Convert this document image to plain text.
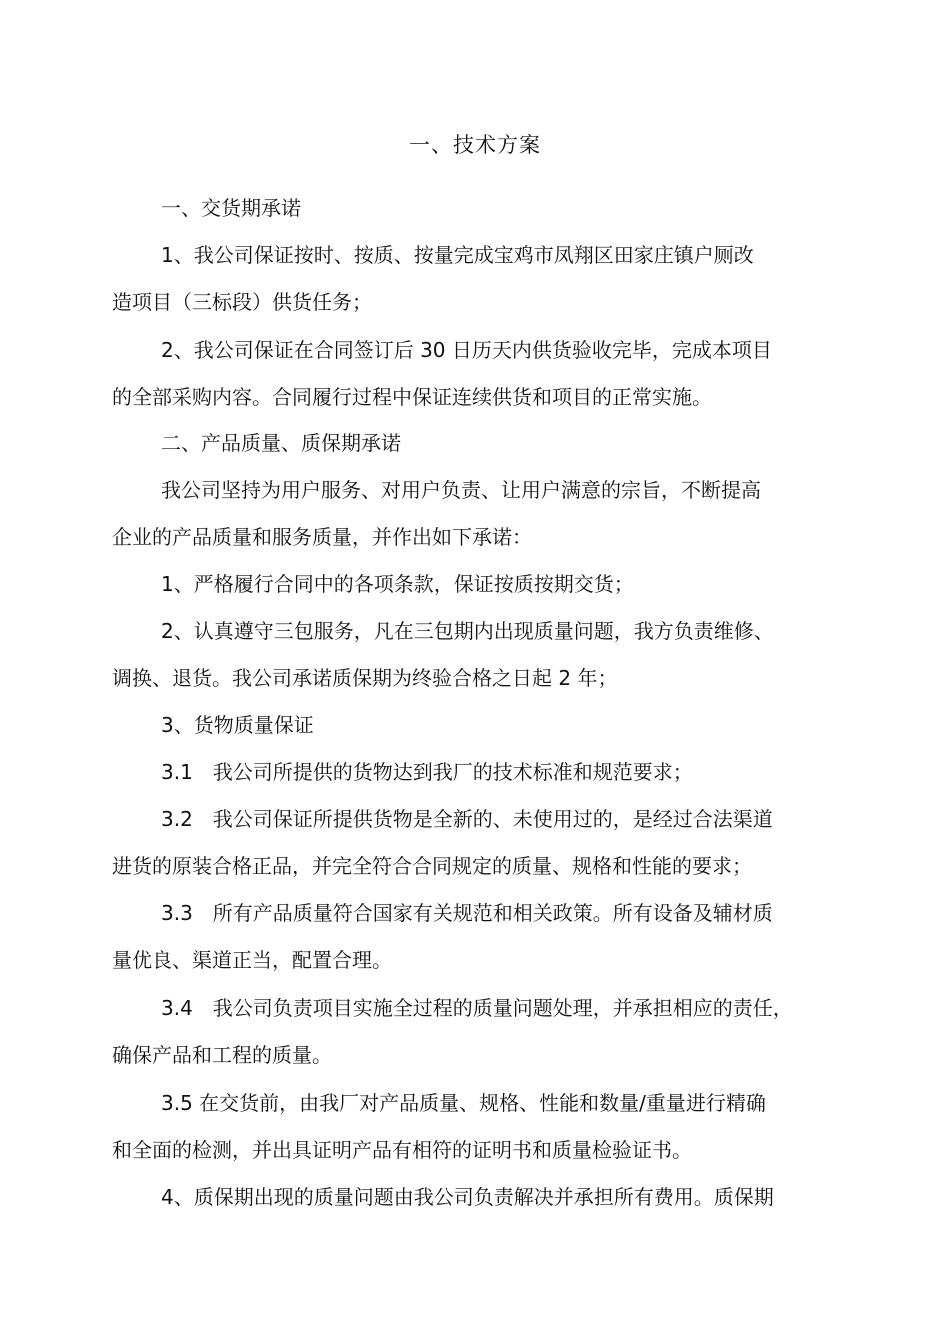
一、技术方案
一、交货期承诺
1、我公司保证按时、按质、按量完成宝鸡市凤翔区田家庄镇户厕改
造项目（三标段）供货任务；
2、我公司保证在合同签订后 30 日历天内供货验收完毕，完成本项目
的全部采购内容。合同履行过程中保证连续供货和项目的正常实施。
二、产品质量、质保期承诺
我公司坚持为用户服务、对用户负责、让用户满意的宗旨，不断提高
企业的产品质量和服务质量，并作出如下承诺：
1、严格履行合同中的各项条款，保证按质按期交货；
2、认真遵守三包服务，凡在三包期内出现质量问题，我方负责维修、
调换、退货。我公司承诺质保期为终验合格之日起 2 年；
3、货物质量保证
3.1　我公司所提供的货物达到我厂的技术标准和规范要求；
3.2　我公司保证所提供货物是全新的、未使用过的，是经过合法渠道
进货的原装合格正品，并完全符合合同规定的质量、规格和性能的要求；
3.3　所有产品质量符合国家有关规范和相关政策。所有设备及辅材质
量优良、渠道正当，配置合理。
3.4　我公司负责项目实施全过程的质量问题处理，并承担相应的责任，
确保产品和工程的质量。
3.5 在交货前，由我厂对产品质量、规格、性能和数量/重量进行精确
和全面的检测，并出具证明产品有相符的证明书和质量检验证书。
4、质保期出现的质量问题由我公司负责解决并承担所有费用。质保期
